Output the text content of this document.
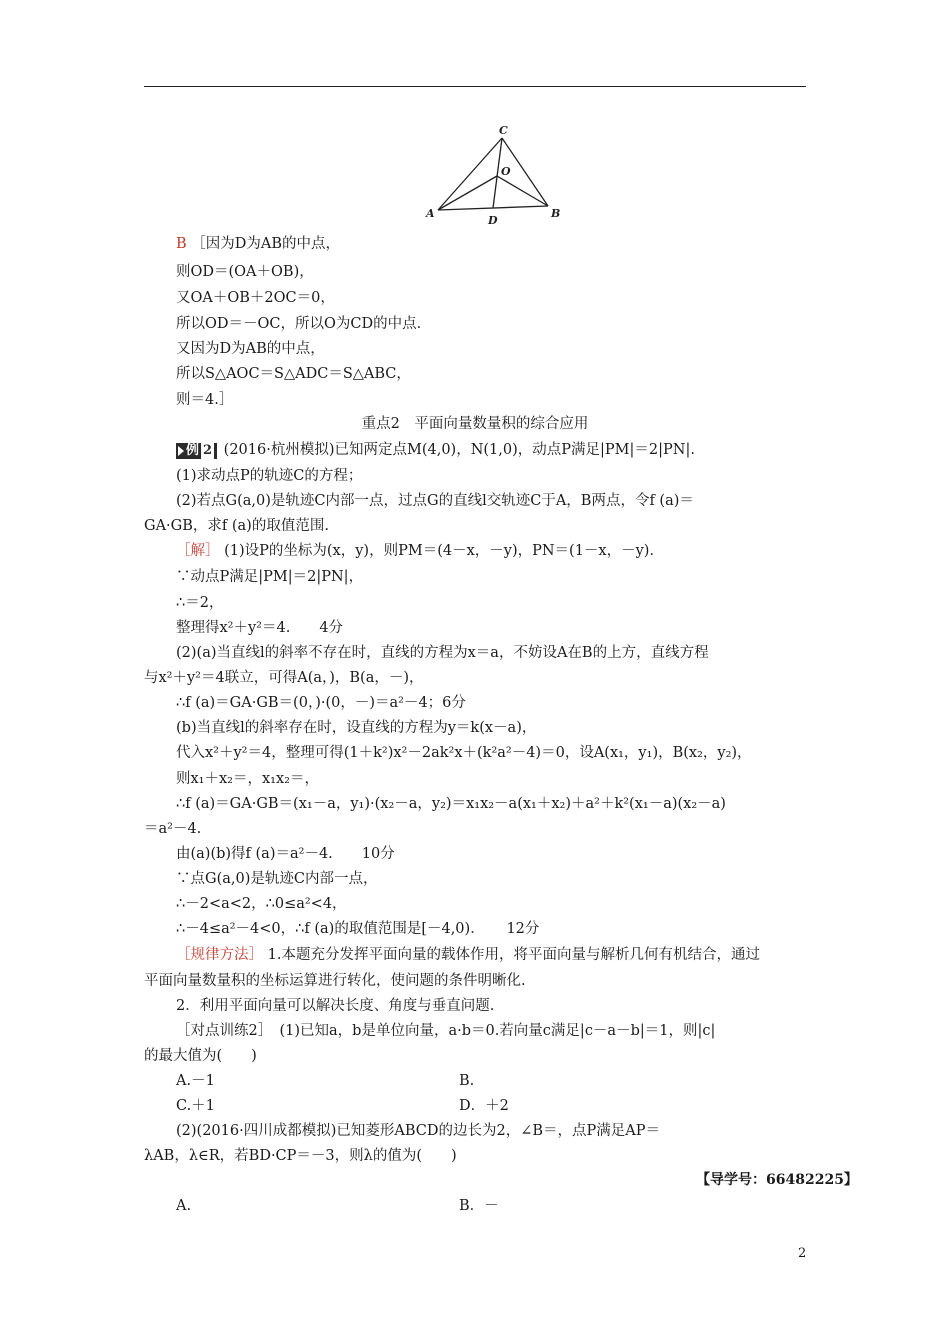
C
O
A
D
B
B ［因为D为AB的中点，
则OD＝(OA＋OB)，
又OA＋OB＋2OC＝0，
所以OD＝－OC，所以O为CD的中点．
又因为D为AB的中点，
所以S△AOC＝S△ADC＝S△ABC，
则＝4.］
重点2　平面向量数量积的综合应用
例 2 (2016·杭州模拟)已知两定点M(4,0)，N(1,0)，动点P满足|PM|＝2|PN|.
(1)求动点P的轨迹C的方程；
(2)若点G(a,0)是轨迹C内部一点，过点G的直线l交轨迹C于A，B两点，令f (a)＝
GA·GB，求f (a)的取值范围.
［解］ (1)设P的坐标为(x，y)，则PM＝(4－x，－y)，PN＝(1－x，－y)．
∵动点P满足|PM|＝2|PN|，
∴＝2，
整理得x²＋y²＝4.　　4分
(2)(a)当直线l的斜率不存在时，直线的方程为x＝a，不妨设A在B的上方，直线方程
与x²＋y²＝4联立，可得A(a，)，B(a，－)，
∴f (a)＝GA·GB＝(0，)·(0，－)＝a²－4；6分
(b)当直线l的斜率存在时，设直线的方程为y＝k(x－a)，
代入x²＋y²＝4，整理可得(1＋k²)x²－2ak²x＋(k²a²－4)＝0，设A(x₁，y₁)，B(x₂，y₂)，
则x₁＋x₂＝，x₁x₂＝，
∴f (a)＝GA·GB＝(x₁－a，y₁)·(x₂－a，y₂)＝x₁x₂－a(x₁＋x₂)＋a²＋k²(x₁－a)(x₂－a)
＝a²－4.
由(a)(b)得f (a)＝a²－4.　　10分
∵点G(a,0)是轨迹C内部一点，
∴－2<a<2，∴0≤a²<4，
∴－4≤a²－4<0，∴f (a)的取值范围是[－4,0)．　　12分
［规律方法］ 1.本题充分发挥平面向量的载体作用，将平面向量与解析几何有机结合，通过
平面向量数量积的坐标运算进行转化，使问题的条件明晰化.
2．利用平面向量可以解决长度、角度与垂直问题.
［对点训练2］　(1)已知a，b是单位向量，a·b＝0.若向量c满足|c－a－b|＝1，则|c|
的最大值为(　　)
A.－1	B.
C.＋1	D．＋2
(2)(2016·四川成都模拟)已知菱形ABCD的边长为2，∠B＝，点P满足AP＝
λAB，λ∈R，若BD·CP＝－3，则λ的值为(　　)
【导学号：66482225】
A.	B．－
2
